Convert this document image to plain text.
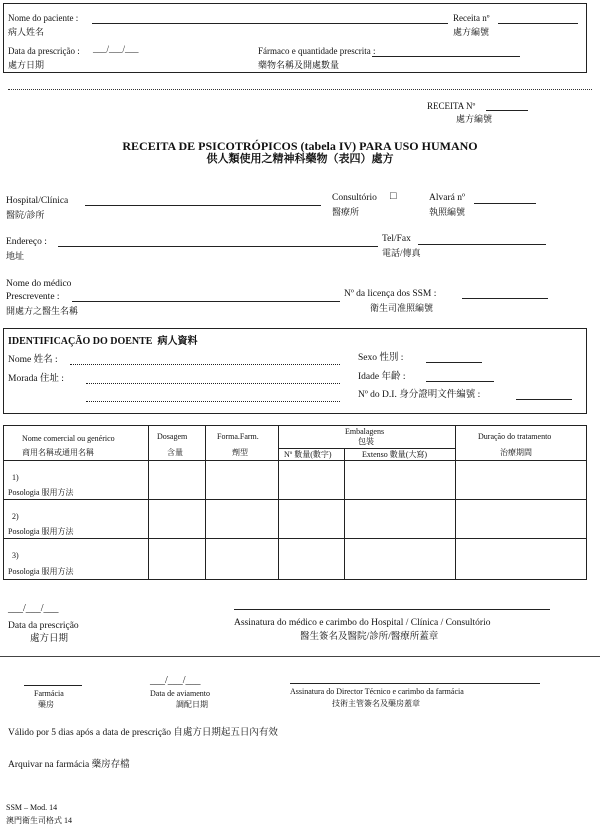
Nome do paciente :
病人姓名
Receita nº
處方編號
Data da prescrição : ___/___/___
處方日期
Fármaco e quantidade prescrita :
藥物名稱及開處數量
RECEITA Nº
處方編號
RECEITA DE PSICOTRÓPICOS (tabela IV) PARA USO HUMANO
供人類使用之精神科藥物（表四）處方
Hospital/Clínica
醫院/診所
Consultório □
醫療所
Alvará nº
執照編號
Endereço :
地址
Tel/Fax
電話/傳真
Nome do médico
Prescrevente :
開處方之醫生名稱
Nº da licença dos SSM :
衛生司准照編號
IDENTIFICAÇÃO DO DOENTE 病人資料
Nome 姓名 :
Morada 住址 :
Sexo 性別 :
Idade 年齡 :
Nº do D.I. 身分證明文件編號 :
Nome comercial ou genérico
商用名稱或通用名稱
Dosagem
含量
Forma.Farm.
劑型
Embalagens
包裝
Nº 數量(數字)	Extenso 數量(大寫)
Duração do tratamento
治療期間
1)
Posologia 服用方法
2)
Posologia 服用方法
3)
Posologia 服用方法
___/___/___
Data da prescrição
處方日期
Assinatura do médico e carimbo do Hospital / Clínica / Consultório
醫生簽名及醫院/診所/醫療所蓋章
Farmácia
藥房
___/___/___
Data de aviamento
調配日期
Assinatura do Director Técnico e carimbo da farmácia
技術主管簽名及藥房蓋章
Válido por 5 dias após a data de prescrição 自處方日期起五日內有效
Arquivar na farmácia 藥房存檔
SSM – Mod. 14
澳門衛生司格式 14
